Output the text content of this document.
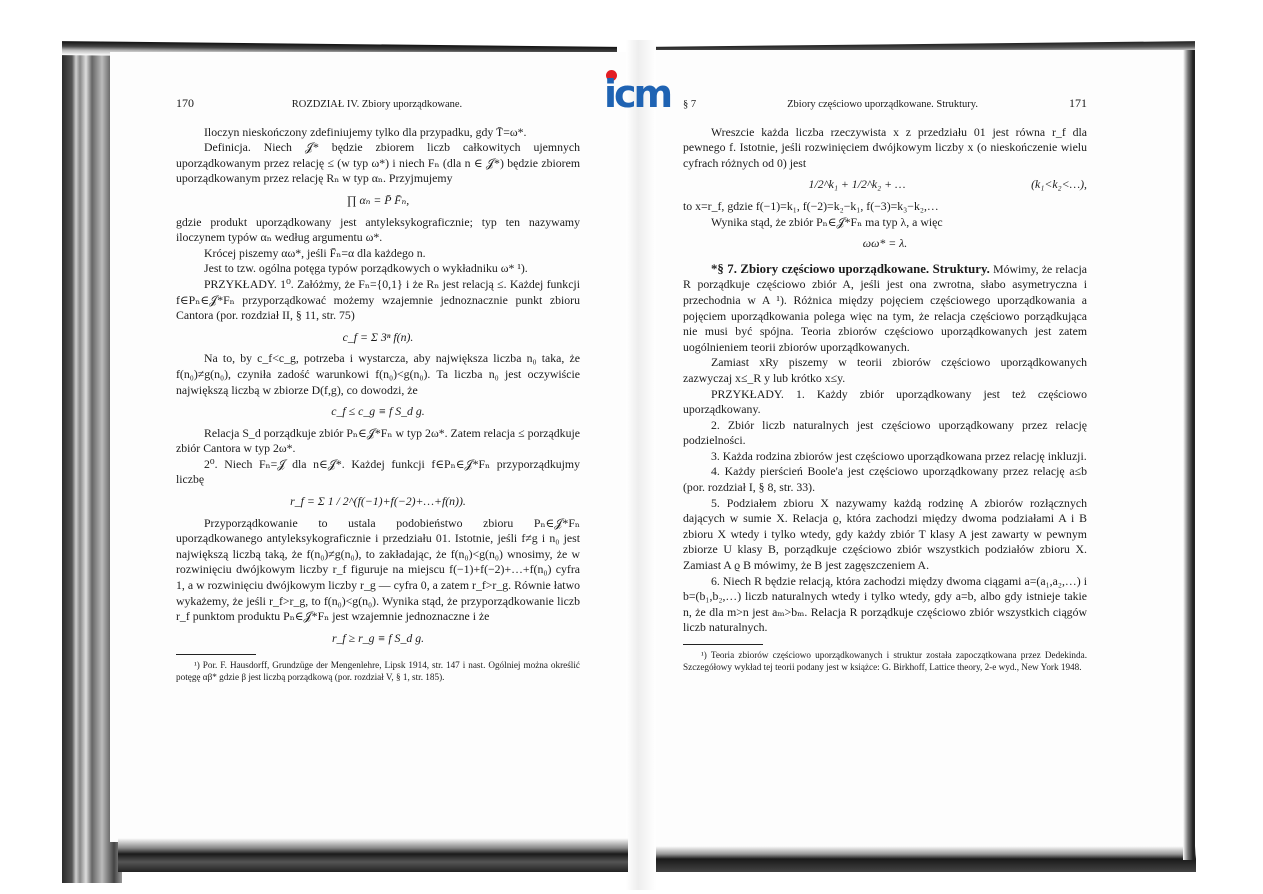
icm
170	ROZDZIAŁ IV. Zbiory uporządkowane.

Iloczyn nieskończony zdefiniujemy tylko dla przypadku, gdy T̄=ω*.

Definicja. Niech 𝒥* będzie zbiorem liczb całkowitych ujemnych uporządkowanym przez relację ≤ (w typ ω*) i niech Fₙ (dla n ∈ 𝒥*) będzie zbiorem uporządkowanym przez relację Rₙ w typ αₙ. Przyjmujemy

∏ αₙ = P̄ F̄ₙ,

gdzie produkt uporządkowany jest antyleksykograficznie; typ ten nazywamy iloczynem typów αₙ według argumentu ω*.

Krócej piszemy αω*, jeśli F̄ₙ=α dla każdego n.

Jest to tzw. ogólna potęga typów porządkowych o wykładniku ω* ¹).

PRZYKŁADY. 1⁰. Załóżmy, że Fₙ={0,1} i że Rₙ jest relacją ≤. Każdej funkcji f∈Pₙ∈𝒥*Fₙ przyporządkować możemy wzajemnie jednoznacznie punkt zbioru Cantora (por. rozdział II, § 11, str. 75)

c_f = Σ 3ⁿ f(n).

Na to, by c_f<c_g, potrzeba i wystarcza, aby największa liczba n₀ taka, że f(n₀)≠g(n₀), czyniła zadość warunkowi f(n₀)<g(n₀). Ta liczba n₀ jest oczywiście największą liczbą w zbiorze D(f,g), co dowodzi, że

c_f ≤ c_g ≡ f S_d g.

Relacja S_d porządkuje zbiór Pₙ∈𝒥*Fₙ w typ 2ω*. Zatem relacja ≤ porządkuje zbiór Cantora w typ 2ω*.

2⁰. Niech Fₙ=𝒥 dla n∈𝒥*. Każdej funkcji f∈Pₙ∈𝒥*Fₙ przyporządkujmy liczbę

r_f = Σ 1 / 2^(f(−1)+f(−2)+…+f(n)).

Przyporządkowanie to ustala podobieństwo zbioru Pₙ∈𝒥*Fₙ uporządkowanego antyleksykograficznie i przedziału 01. Istotnie, jeśli f≠g i n₀ jest największą liczbą taką, że f(n₀)≠g(n₀), to zakładając, że f(n₀)<g(n₀) wnosimy, że w rozwinięciu dwójkowym liczby r_f figuruje na miejscu f(−1)+f(−2)+…+f(n₀) cyfra 1, a w rozwinięciu dwójkowym liczby r_g — cyfra 0, a zatem r_f>r_g. Równie łatwo wykażemy, że jeśli r_f>r_g, to f(n₀)<g(n₀). Wynika stąd, że przyporządkowanie liczb r_f punktom produktu Pₙ∈𝒥*Fₙ jest wzajemnie jednoznaczne i że

r_f ≥ r_g ≡ f S_d g.

¹) Por. F. Hausdorff, Grundzüge der Mengenlehre, Lipsk 1914, str. 147 i nast. Ogólniej można określić potęgę αβ* gdzie β jest liczbą porządkową (por. rozdział V, § 1, str. 185).

§ 7	Zbiory częściowo uporządkowane. Struktury.	171

Wreszcie każda liczba rzeczywista x z przedziału 01 jest równa r_f dla pewnego f. Istotnie, jeśli rozwinięciem dwójkowym liczby x (o nieskończenie wielu cyfrach różnych od 0) jest

(k₁<k₂<…),
1/2^k₁ + 1/2^k₂ + …

to x=r_f, gdzie f(−1)=k₁, f(−2)=k₂−k₁, f(−3)=k₃−k₂,…

Wynika stąd, że zbiór Pₙ∈𝒥*Fₙ ma typ λ, a więc

ωω* = λ.

*§ 7. Zbiory częściowo uporządkowane. Struktury. Mówimy, że relacja R porządkuje częściowo zbiór A, jeśli jest ona zwrotna, słabo asymetryczna i przechodnia w A ¹). Różnica między pojęciem częściowego uporządkowania a pojęciem uporządkowania polega więc na tym, że relacja częściowo porządkująca nie musi być spójna. Teoria zbiorów częściowo uporządkowanych jest zatem uogólnieniem teorii zbiorów uporządkowanych.

Zamiast xRy piszemy w teorii zbiorów częściowo uporządkowanych zazwyczaj x≤_R y lub krótko x≤y.

PRZYKŁADY. 1. Każdy zbiór uporządkowany jest też częściowo uporządkowany.

2. Zbiór liczb naturalnych jest częściowo uporządkowany przez relację podzielności.

3. Każda rodzina zbiorów jest częściowo uporządkowana przez relację inkluzji.

4. Każdy pierścień Boole'a jest częściowo uporządkowany przez relację a≤b (por. rozdział I, § 8, str. 33).

5. Podziałem zbioru X nazywamy każdą rodzinę A zbiorów rozłącznych dających w sumie X. Relacja ϱ, która zachodzi między dwoma podziałami A i B zbioru X wtedy i tylko wtedy, gdy każdy zbiór T klasy A jest zawarty w pewnym zbiorze U klasy B, porządkuje częściowo zbiór wszystkich podziałów zbioru X. Zamiast A ϱ B mówimy, że B jest zagęszczeniem A.

6. Niech R będzie relacją, która zachodzi między dwoma ciągami a=(a₁,a₂,…) i b=(b₁,b₂,…) liczb naturalnych wtedy i tylko wtedy, gdy a=b, albo gdy istnieje takie n, że dla m>n jest aₘ>bₘ. Relacja R porządkuje częściowo zbiór wszystkich ciągów liczb naturalnych.

¹) Teoria zbiorów częściowo uporządkowanych i struktur została zapoczątkowana przez Dedekinda. Szczegółowy wykład tej teorii podany jest w książce: G. Birkhoff, Lattice theory, 2-e wyd., New York 1948.
